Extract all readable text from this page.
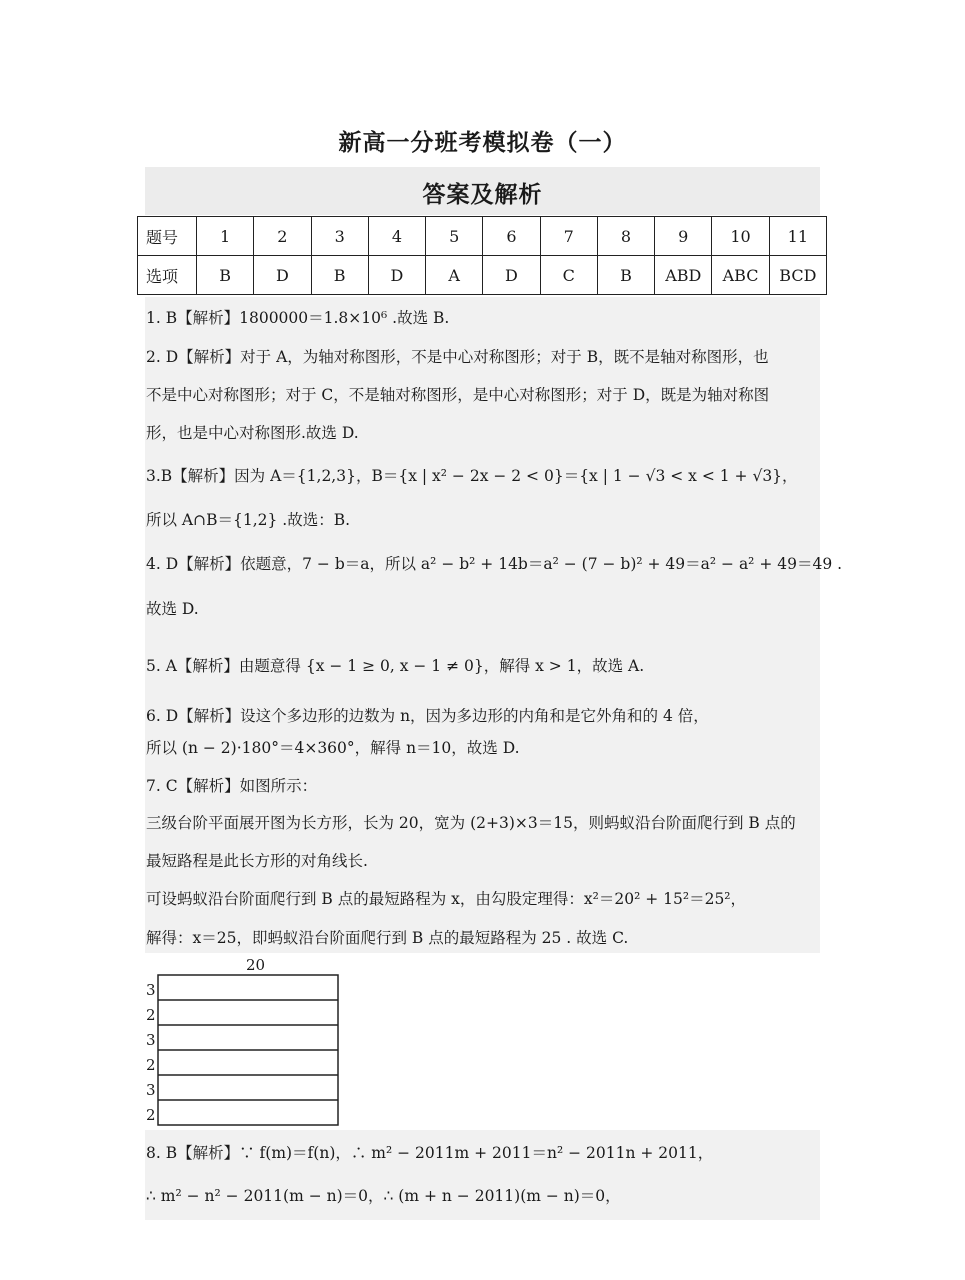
新高一分班考模拟卷（一）
答案及解析
题号	1	2	3	4	5	6	7	8	9	10	11
选项	B	D	B	D	A	D	C	B	ABD	ABC	BCD
1. B【解析】1800000＝1.8×10⁶ .故选 B.
2. D【解析】对于 A，为轴对称图形，不是中心对称图形；对于 B，既不是轴对称图形，也
不是中心对称图形；对于 C，不是轴对称图形，是中心对称图形；对于 D，既是为轴对称图
形，也是中心对称图形.故选 D.
3.B【解析】因为 A＝{1,2,3}，B＝{x | x² − 2x − 2 < 0}＝{x | 1 − √3 < x < 1 + √3}，
所以 A∩B＝{1,2} .故选：B.
4. D【解析】依题意，7 − b＝a，所以 a² − b² + 14b＝a² − (7 − b)² + 49＝a² − a² + 49＝49 .
故选 D.
5. A【解析】由题意得 {x − 1 ≥ 0, x − 1 ≠ 0}，解得 x > 1，故选 A.
6. D【解析】设这个多边形的边数为 n，因为多边形的内角和是它外角和的 4 倍，
所以 (n − 2)·180°＝4×360°，解得 n＝10，故选 D.
7. C【解析】如图所示：
三级台阶平面展开图为长方形，长为 20，宽为 (2+3)×3＝15，则蚂蚁沿台阶面爬行到 B 点的
最短路程是此长方形的对角线长.
可设蚂蚁沿台阶面爬行到 B 点的最短路程为 x，由勾股定理得：x²＝20² + 15²＝25²，
解得：x＝25，即蚂蚁沿台阶面爬行到 B 点的最短路程为 25 . 故选 C.
20
3
2
3
2
3
2
8. B【解析】∵ f(m)＝f(n)，∴ m² − 2011m + 2011＝n² − 2011n + 2011，
∴ m² − n² − 2011(m − n)＝0，∴ (m + n − 2011)(m − n)＝0，
